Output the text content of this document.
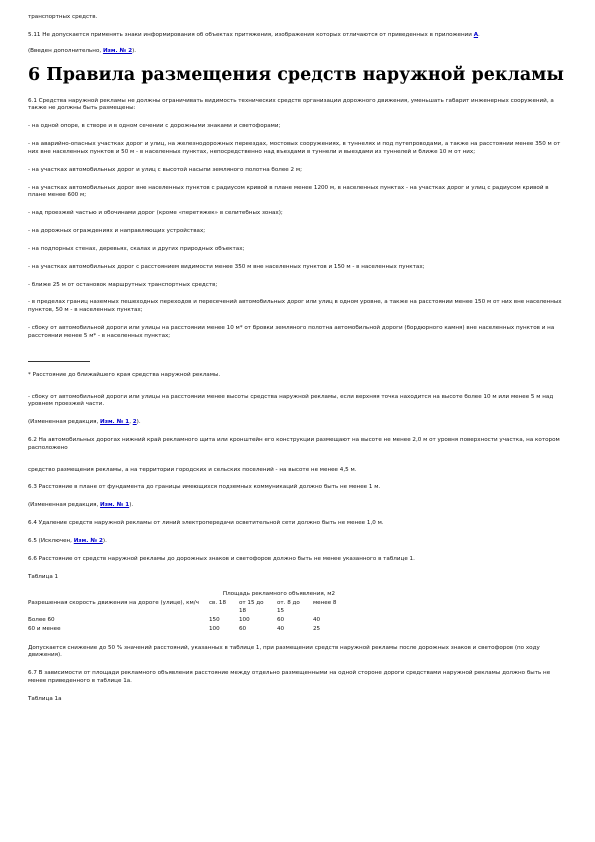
транспортных средств.

5.11 Не допускается применять знаки информирования об объектах притяжения, изображения которых отличаются от приведенных в приложении А.

(Введен дополнительно, Изм. № 2).

6 Правила размещения средств наружной рекламы

6.1 Средства наружной рекламы не должны ограничивать видимость технических средств организации дорожного движения, уменьшать габарит инженерных сооружений, а также не должны быть размещены:

- на одной опоре, в створе и в одном сечении с дорожными знаками и светофорами;

- на аварийно-опасных участках дорог и улиц, на железнодорожных переездах, мостовых сооружениях, в туннелях и под путепроводами, а также на расстоянии менее 350 м от них вне населенных пунктов и 50 м - в населенных пунктах, непосредственно над въездами в туннели и выездами из туннелей и ближе 10 м от них;

- на участках автомобильных дорог и улиц с высотой насыпи земляного полотна более 2 м;

- на участках автомобильных дорог вне населенных пунктов с радиусом кривой в плане менее 1200 м, в населенных пунктах - на участках дорог и улиц с радиусом кривой в плане менее 600 м;

- над проезжей частью и обочинами дорог (кроме «перетяжек» в селитебных зонах);

- на дорожных ограждениях и направляющих устройствах;

- на подпорных стенах, деревьях, скалах и других природных объектах;

- на участках автомобильных дорог с расстоянием видимости менее 350 м вне населенных пунктов и 150 м - в населенных пунктах;

- ближе 25 м от остановок маршрутных транспортных средств;

- в пределах границ наземных пешеходных переходов и пересечений автомобильных дорог или улиц в одном уровне, а также на расстоянии менее 150 м от них вне населенных пунктов, 50 м - в населенных пунктах;

- сбоку от автомобильной дороги или улицы на расстоянии менее 10 м* от бровки земляного полотна автомобильной дороги (бордюрного камня) вне населенных пунктов и на расстоянии менее 5 м* - в населенных пунктах;

* Расстояние до ближайшего края средства наружной рекламы.

- сбоку от автомобильной дороги или улицы на расстоянии менее высоты средства наружной рекламы, если верхняя точка находится на высоте более 10 м или менее 5 м над уровнем проезжей части.

(Измененная редакция, Изм. № 1, 2).

6.2 На автомобильных дорогах нижний край рекламного щита или кронштейн его конструкции размещают на высоте не менее 2,0 м от уровня поверхности участка, на котором расположено

средство размещения рекламы, а на территории городских и сельских поселений - на высоте не менее 4,5 м.

6.3 Расстояние в плане от фундамента до границы имеющихся подземных коммуникаций должно быть не менее 1 м.

(Измененная редакция, Изм. № 1).

6.4 Удаление средств наружной рекламы от линий электропередачи осветительной сети должно быть не менее 1,0 м.

6.5 (Исключен, Изм. № 2).

6.6 Расстояние от средств наружной рекламы до дорожных знаков и светофоров должно быть не менее указанного в таблице 1.

Таблица 1

Разрешенная скорость движения на дороге (улице), км/ч	Площадь рекламного объявления, м2			
	св. 18	от 15 до 18	от. 8 до 15	менее 8
Более 60	150	100	60	40
60 и менее	100	60	40	25

Допускается снижение до 50 % значений расстояний, указанных в таблице 1, при размещении средств наружной рекламы после дорожных знаков и светофоров (по ходу движения).

6.7 В зависимости от площади рекламного объявления расстояние между отдельно размещенными на одной стороне дороги средствами наружной рекламы должно быть не менее приведенного в таблице 1а.

Таблица 1а
